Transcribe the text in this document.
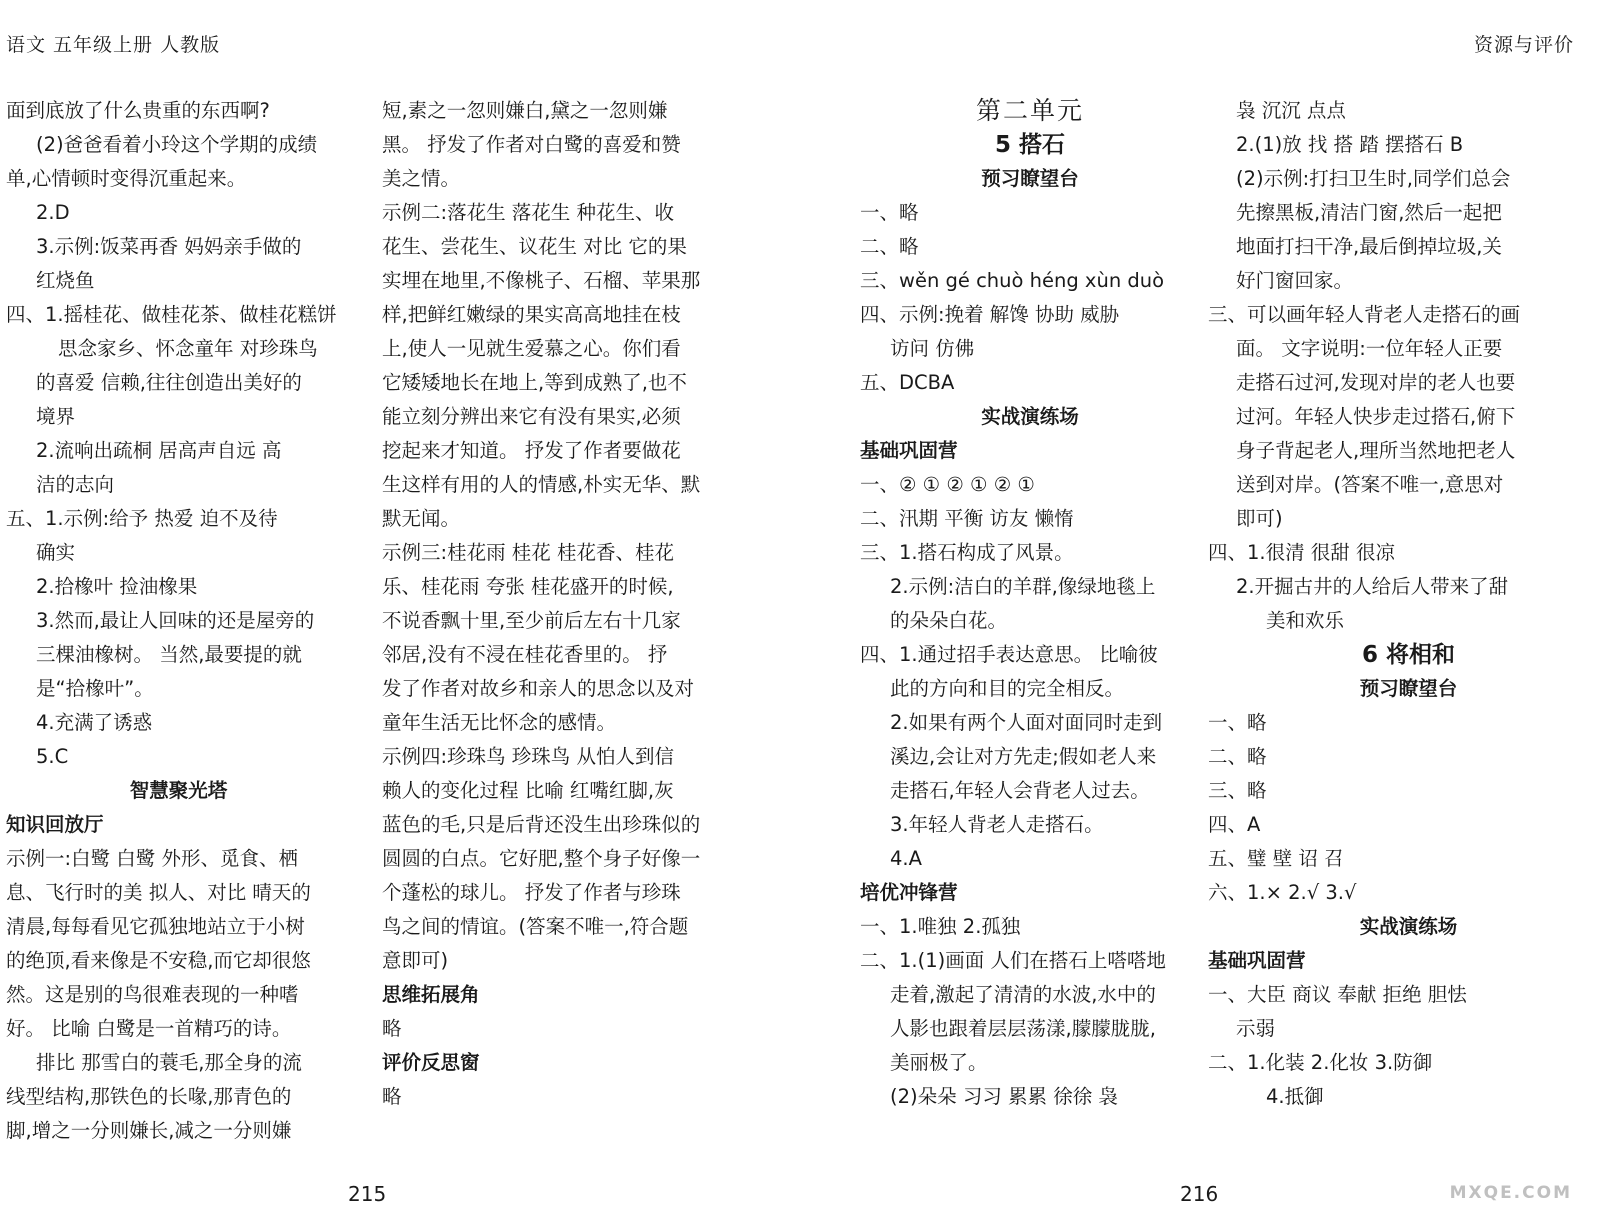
语文 五年级上册 人教版	资源与评价
面到底放了什么贵重的东西啊?
(2)爸爸看着小玲这个学期的成绩
单,心情顿时变得沉重起来。
2.D
3.示例:饭菜再香 妈妈亲手做的
红烧鱼
四、1.摇桂花、做桂花茶、做桂花糕饼
思念家乡、怀念童年 对珍珠鸟
的喜爱 信赖,往往创造出美好的
境界
2.流响出疏桐 居高声自远 高
洁的志向
五、1.示例:给予 热爱 迫不及待
确实
2.拾橡叶 捡油橡果
3.然而,最让人回味的还是屋旁的
三棵油橡树。 当然,最要提的就
是“拾橡叶”。
4.充满了诱惑
5.C
智慧聚光塔
知识回放厅
示例一:白鹭 白鹭 外形、觅食、栖
息、飞行时的美 拟人、对比 晴天的
清晨,每每看见它孤独地站立于小树
的绝顶,看来像是不安稳,而它却很悠
然。这是别的鸟很难表现的一种嗜
好。 比喻 白鹭是一首精巧的诗。
排比 那雪白的蓑毛,那全身的流
线型结构,那铁色的长喙,那青色的
脚,增之一分则嫌长,减之一分则嫌
短,素之一忽则嫌白,黛之一忽则嫌
黑。 抒发了作者对白鹭的喜爱和赞
美之情。
示例二:落花生 落花生 种花生、收
花生、尝花生、议花生 对比 它的果
实埋在地里,不像桃子、石榴、苹果那
样,把鲜红嫩绿的果实高高地挂在枝
上,使人一见就生爱慕之心。你们看
它矮矮地长在地上,等到成熟了,也不
能立刻分辨出来它有没有果实,必须
挖起来才知道。 抒发了作者要做花
生这样有用的人的情感,朴实无华、默
默无闻。
示例三:桂花雨 桂花 桂花香、桂花
乐、桂花雨 夸张 桂花盛开的时候,
不说香飘十里,至少前后左右十几家
邻居,没有不浸在桂花香里的。 抒
发了作者对故乡和亲人的思念以及对
童年生活无比怀念的感情。
示例四:珍珠鸟 珍珠鸟 从怕人到信
赖人的变化过程 比喻 红嘴红脚,灰
蓝色的毛,只是后背还没生出珍珠似的
圆圆的白点。它好肥,整个身子好像一
个蓬松的球儿。 抒发了作者与珍珠
鸟之间的情谊。(答案不唯一,符合题
意即可)
思维拓展角
略
评价反思窗
略
第二单元
5 搭石
预习瞭望台
一、略
二、略
三、wěn gé chuò héng xùn duò
四、示例:挽着 解馋 协助 威胁
访问 仿佛
五、DCBA
实战演练场
基础巩固营
一、② ① ② ① ② ①
二、汛期 平衡 访友 懒惰
三、1.搭石构成了风景。
2.示例:洁白的羊群,像绿地毯上
的朵朵白花。
四、1.通过招手表达意思。 比喻彼
此的方向和目的完全相反。
2.如果有两个人面对面同时走到
溪边,会让对方先走;假如老人来
走搭石,年轻人会背老人过去。
3.年轻人背老人走搭石。
4.A
培优冲锋营
一、1.唯独 2.孤独
二、1.(1)画面 人们在搭石上嗒嗒地
走着,激起了清清的水波,水中的
人影也跟着层层荡漾,朦朦胧胧,
美丽极了。
(2)朵朵 习习 累累 徐徐 袅
袅 沉沉 点点
2.(1)放 找 搭 踏 摆搭石 B
(2)示例:打扫卫生时,同学们总会
先擦黑板,清洁门窗,然后一起把
地面打扫干净,最后倒掉垃圾,关
好门窗回家。
三、可以画年轻人背老人走搭石的画
面。 文字说明:一位年轻人正要
走搭石过河,发现对岸的老人也要
过河。年轻人快步走过搭石,俯下
身子背起老人,理所当然地把老人
送到对岸。(答案不唯一,意思对
即可)
四、1.很清 很甜 很凉
2.开掘古井的人给后人带来了甜
美和欢乐
6 将相和
预习瞭望台
一、略
二、略
三、略
四、A
五、璧 壁 诏 召
六、1.× 2.√ 3.√
实战演练场
基础巩固营
一、大臣 商议 奉献 拒绝 胆怯
示弱
二、1.化装 2.化妆 3.防御
4.抵御
215	216	MXQE.COM
